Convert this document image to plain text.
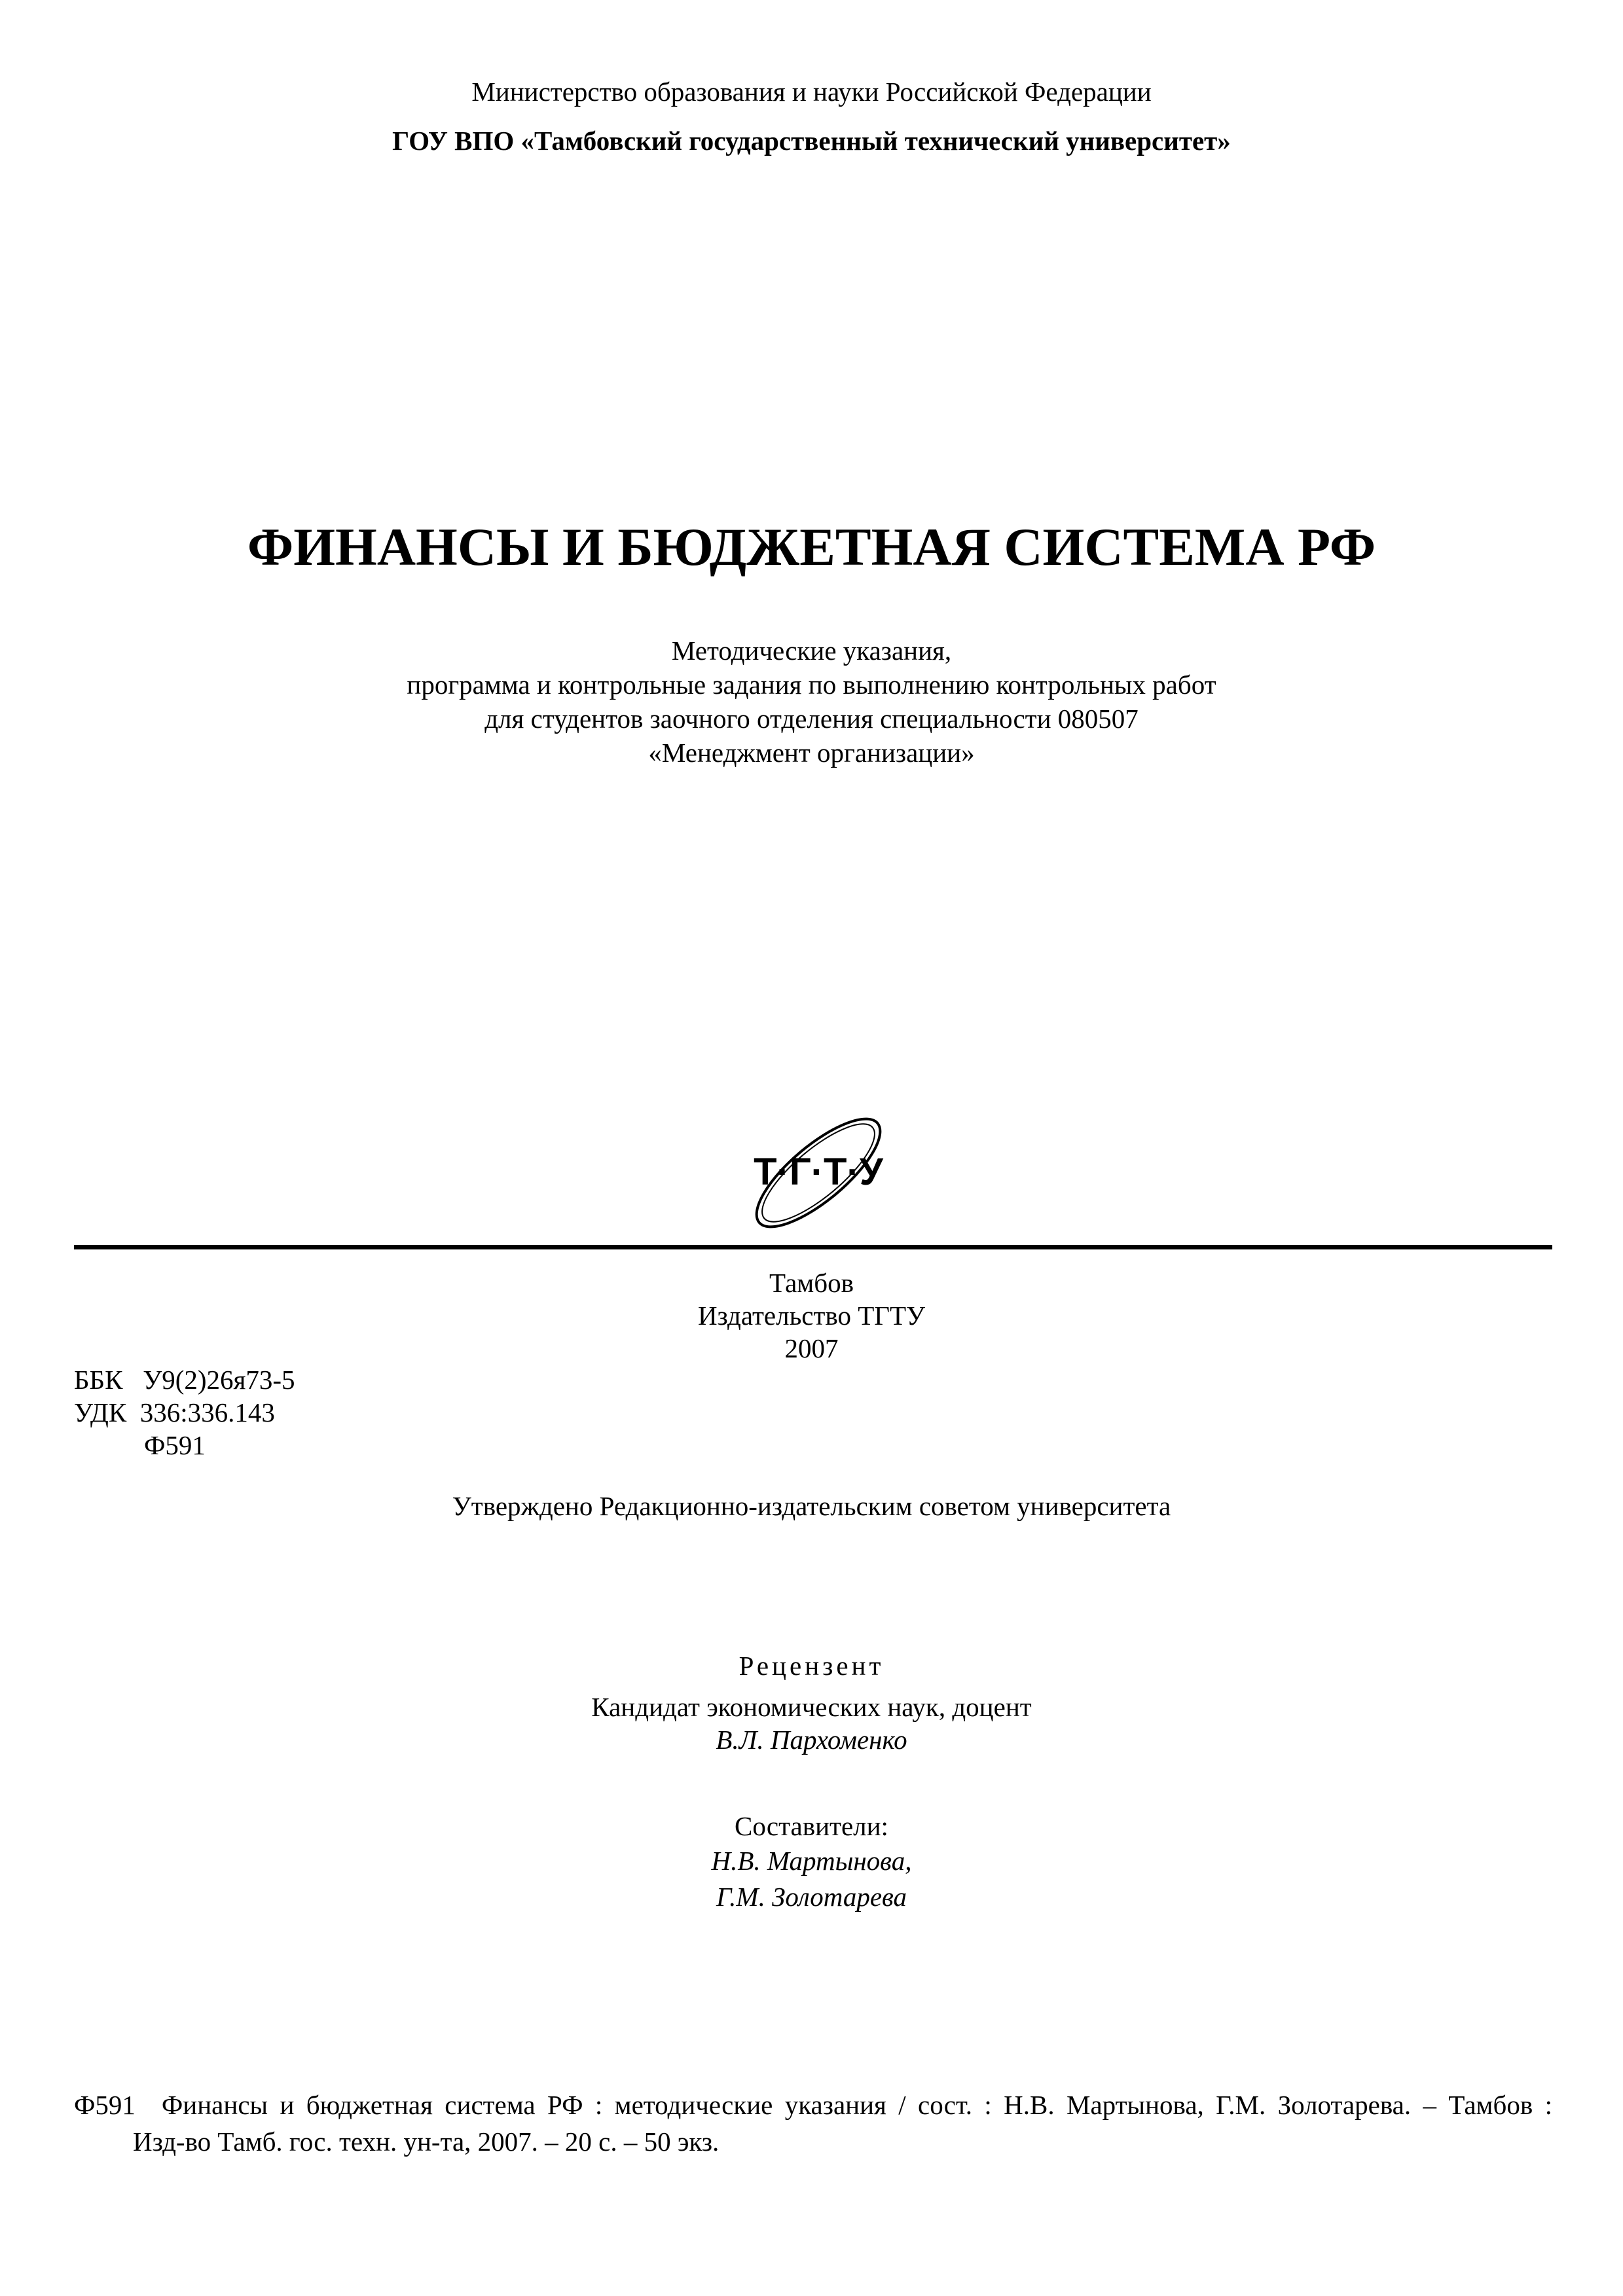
Министерство образования и науки Российской Федерации
ГОУ ВПО «Тамбовский государственный технический университет»
ФИНАНСЫ И БЮДЖЕТНАЯ СИСТЕМА РФ
Методические указания,
программа и контрольные задания по выполнению контрольных работ
для студентов заочного отделения специальности 080507
«Менеджмент организации»
Т·Г·Т·У
Тамбов
Издательство ТГТУ
2007
ББК У9(2)26я73-5
УДК 336:336.143
Ф591
Утверждено Редакционно-издательским советом университета
Рецензент
Кандидат экономических наук, доцент
В.Л. Пархоменко
Составители:
Н.В. Мартынова,
Г.М. Золотарева
Ф591 Финансы и бюджетная система РФ : методические указания / сост. : Н.В. Мартынова, Г.М. Золотарева. – Тамбов :
Изд-во Тамб. гос. техн. ун-та, 2007. – 20 с. – 50 экз.
